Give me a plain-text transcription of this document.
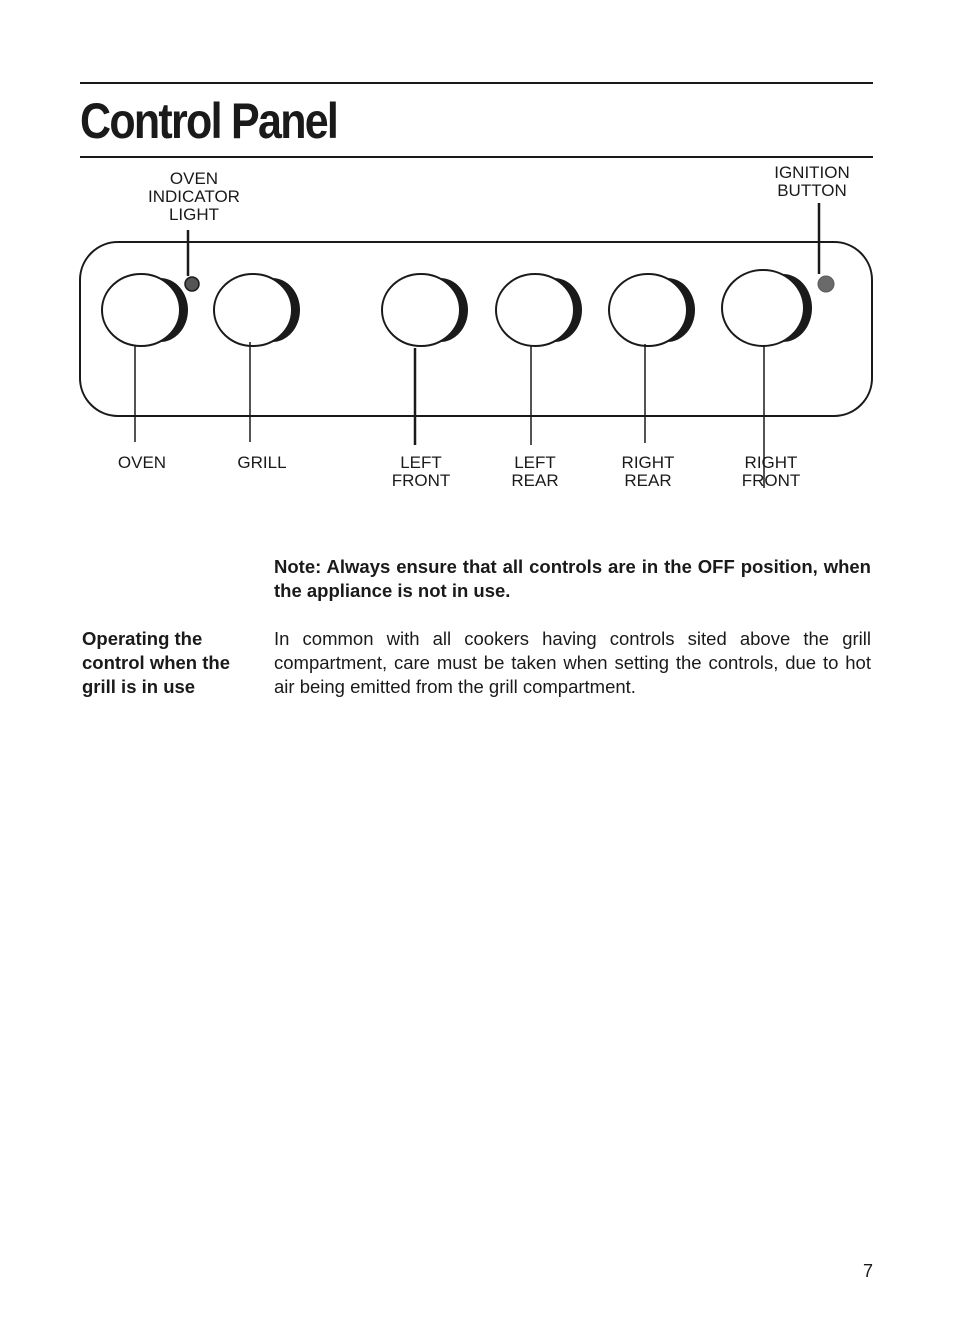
Control Panel
OVEN
INDICATOR
LIGHT
IGNITION
BUTTON
OVEN	GRILL	LEFT
FRONT
LEFT
REAR
RIGHT
REAR
RIGHT
FRONT
Note: Always ensure that all controls are in the OFF position, when the appliance is not in use.
Operating the
control when the
grill is in use
In common with all cookers having controls sited above the grill compartment, care must be taken when setting the controls, due to hot air being emitted from the grill compartment.
7
